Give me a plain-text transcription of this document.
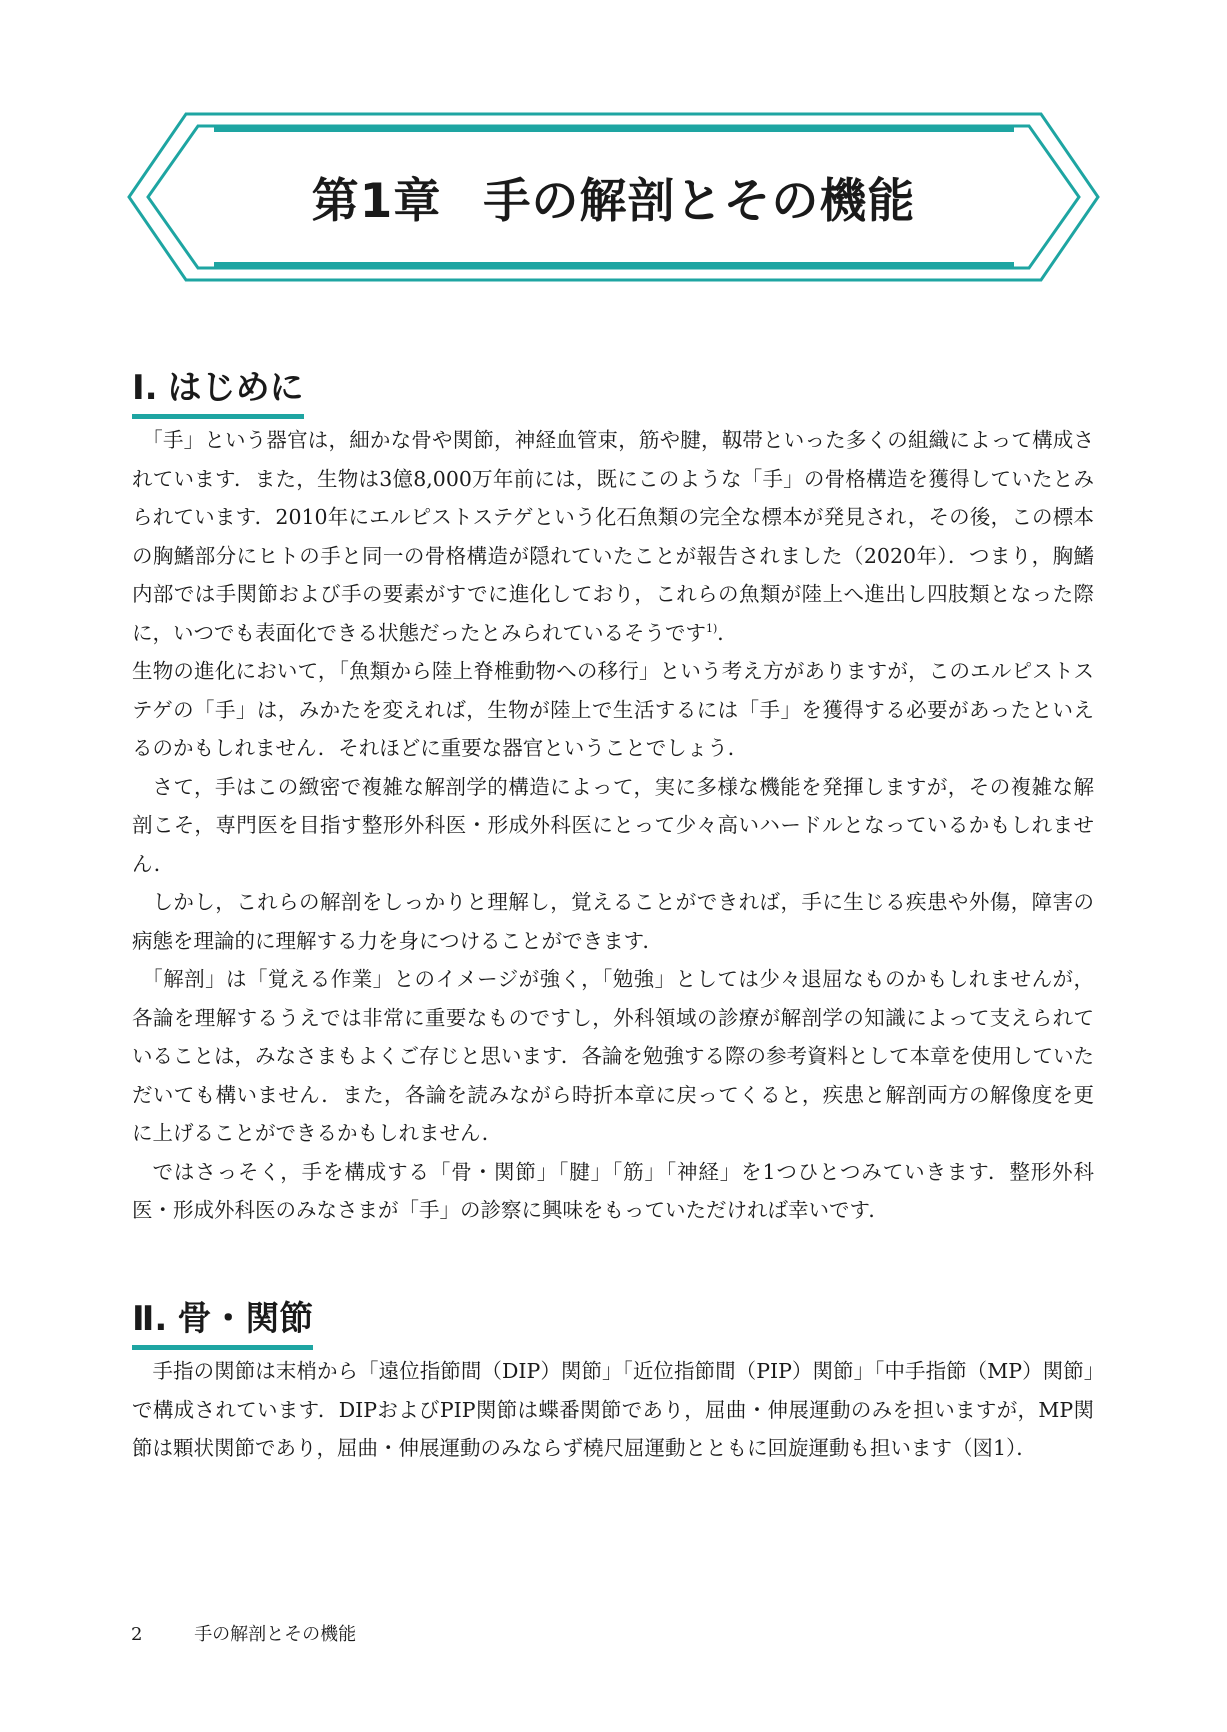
第1章 手の解剖とその機能
Ⅰ. はじめに

「手」という器官は，細かな骨や関節，神経血管束，筋や腱，靱帯といった多くの組織によって構成されています．また，生物は3億8,000万年前には，既にこのような「手」の骨格構造を獲得していたとみられています．2010年にエルピストステゲという化石魚類の完全な標本が発見され，その後，この標本の胸鰭部分にヒトの手と同一の骨格構造が隠れていたことが報告されました（2020年）．つまり，胸鰭内部では手関節および手の要素がすでに進化しており，これらの魚類が陸上へ進出し四肢類となった際に，いつでも表面化できる状態だったとみられているそうです$^{1)}$．

生物の進化において，「魚類から陸上脊椎動物への移行」という考え方がありますが，このエルピストステゲの「手」は，みかたを変えれば，生物が陸上で生活するには「手」を獲得する必要があったといえるのかもしれません．それほどに重要な器官ということでしょう．

さて，手はこの緻密で複雑な解剖学的構造によって，実に多様な機能を発揮しますが，その複雑な解剖こそ，専門医を目指す整形外科医・形成外科医にとって少々高いハードルとなっているかもしれません．

しかし，これらの解剖をしっかりと理解し，覚えることができれば，手に生じる疾患や外傷，障害の病態を理論的に理解する力を身につけることができます．

「解剖」は「覚える作業」とのイメージが強く，「勉強」としては少々退屈なものかもしれませんが，各論を理解するうえでは非常に重要なものですし，外科領域の診療が解剖学の知識によって支えられていることは，みなさまもよくご存じと思います．各論を勉強する際の参考資料として本章を使用していただいても構いません．また，各論を読みながら時折本章に戻ってくると，疾患と解剖両方の解像度を更に上げることができるかもしれません．

ではさっそく，手を構成する「骨・関節」「腱」「筋」「神経」を1つひとつみていきます．整形外科医・形成外科医のみなさまが「手」の診察に興味をもっていただければ幸いです．

Ⅱ. 骨・関節

手指の関節は末梢から「遠位指節間（DIP）関節」「近位指節間（PIP）関節」「中手指節（MP）関節」で構成されています．DIPおよびPIP関節は蝶番関節であり，屈曲・伸展運動のみを担いますが，MP関節は顆状関節であり，屈曲・伸展運動のみならず橈尺屈運動とともに回旋運動も担います（図1）．

2	手の解剖とその機能
